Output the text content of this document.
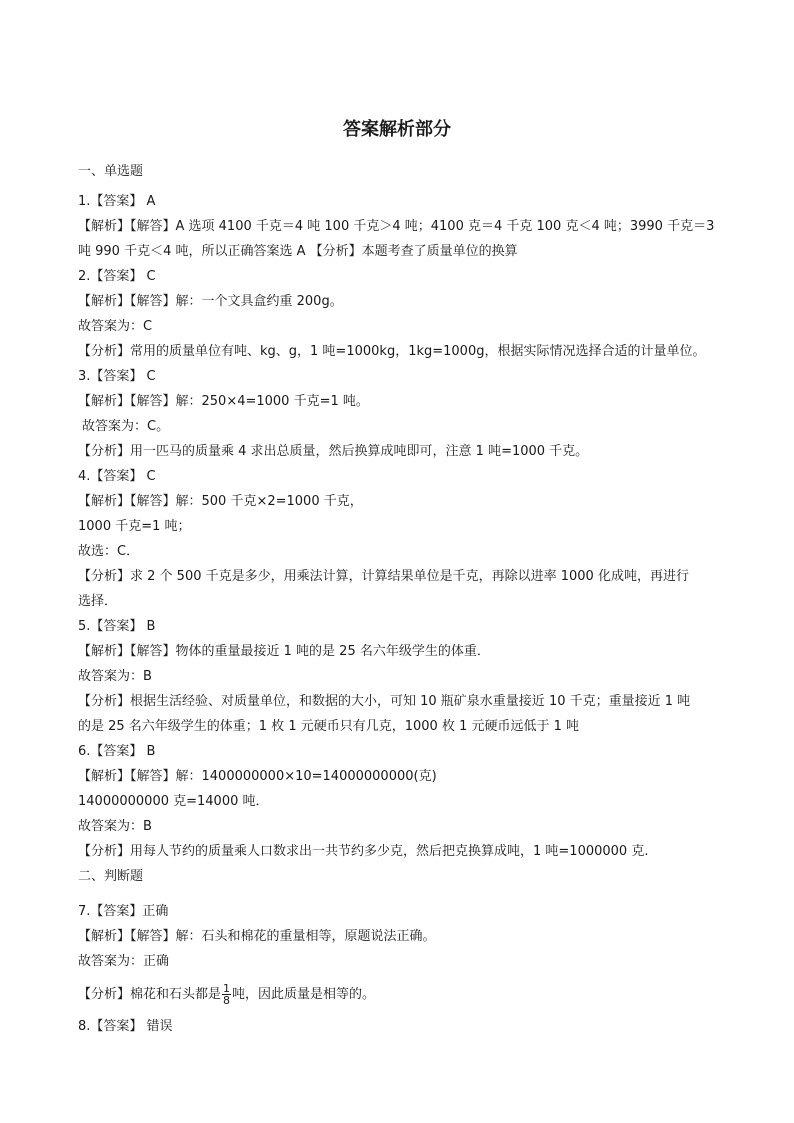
答案解析部分
一、单选题
1.【答案】 A
【解析】【解答】A 选项 4100 千克＝4 吨 100 千克＞4 吨；4100 克＝4 千克 100 克＜4 吨；3990 千克＝3
吨 990 千克＜4 吨，所以正确答案选 A 【分析】本题考查了质量单位的换算
2.【答案】 C
【解析】【解答】解：一个文具盒约重 200g。
故答案为：C
【分析】常用的质量单位有吨、kg、g，1 吨=1000kg，1kg=1000g，根据实际情况选择合适的计量单位。
3.【答案】 C
【解析】【解答】解：250×4=1000 千克=1 吨。
故答案为：C。
【分析】用一匹马的质量乘 4 求出总质量，然后换算成吨即可，注意 1 吨=1000 千克。
4.【答案】 C
【解析】【解答】解：500 千克×2=1000 千克，
1000 千克=1 吨；
故选：C．
【分析】求 2 个 500 千克是多少，用乘法计算，计算结果单位是千克，再除以进率 1000 化成吨，再进行
选择．
5.【答案】 B
【解析】【解答】物体的重量最接近 1 吨的是 25 名六年级学生的体重．
故答案为：B
【分析】根据生活经验、对质量单位，和数据的大小，可知 10 瓶矿泉水重量接近 10 千克；重量接近 1 吨
的是 25 名六年级学生的体重；1 枚 1 元硬币只有几克，1000 枚 1 元硬币远低于 1 吨
6.【答案】 B
【解析】【解答】解：1400000000×10=14000000000(克)
14000000000 克=14000 吨．
故答案为：B
【分析】用每人节约的质量乘人口数求出一共节约多少克，然后把克换算成吨，1 吨=1000000 克.
二、判断题
7.【答案】正确
【解析】【解答】解：石头和棉花的重量相等，原题说法正确。
故答案为：正确
【分析】棉花和石头都是 $\frac{1}{8}$ 吨，因此质量是相等的。
8.【答案】 错误
